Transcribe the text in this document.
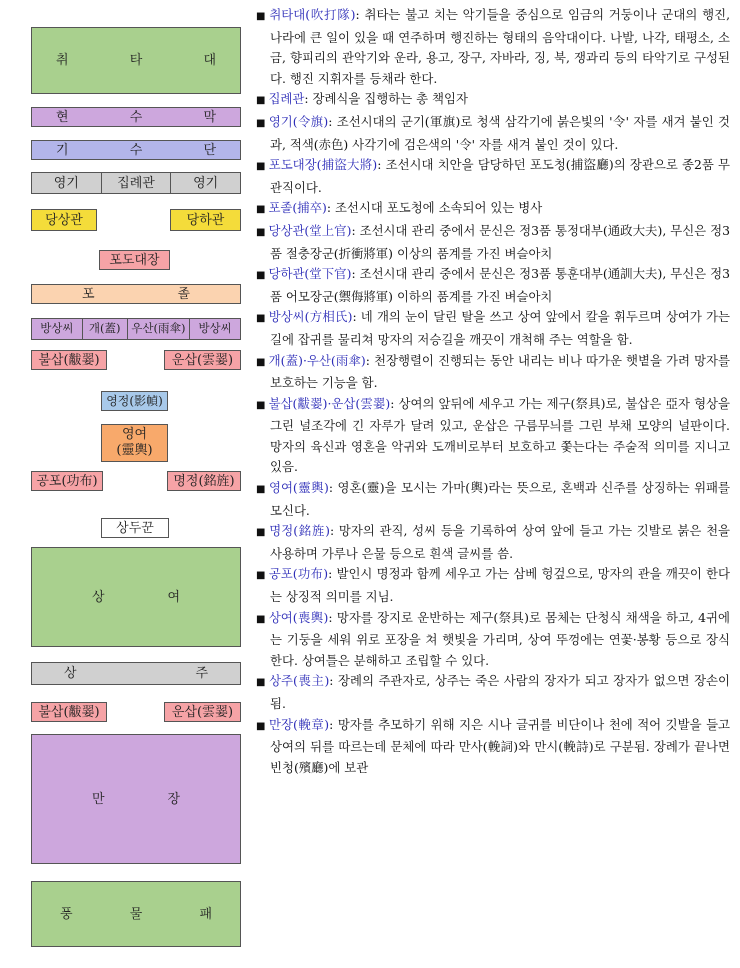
취	타	대
현	수	막
기	수	단
영기	집례관	영기
당상관	당하관
포도대장
포	졸
방상씨	개(蓋) 우산(雨傘)	방상씨
불삽(黻翣)	운삽(雲翣)
영정(影幀)
영여
(靈輿)
공포(功布)	명정(銘旌)
상두꾼
상	여
상	주
불삽(黻翣)	운삽(雲翣)
만	장
풍	물	패

■ 취타대(吹打隊): 취타는 불고 치는 악기들을 중심으로 임금의 거둥이나 군대의 행진, 나라에 큰 일이 있을 때 연주하며 행진하는 형태의 음악대이다. 나발, 나각, 태평소, 소금, 향피리의 관악기와 운라, 용고, 장구, 자바라, 징, 북, 쟁과리 등의 타악기로 구성된다. 행진 지휘자를 등채라 한다.

■ 집례관: 장례식을 집행하는 총 책임자

■ 영기(令旗): 조선시대의 군기(軍旗)로 청색 삼각기에 붉은빛의 '令' 자를 새겨 붙인 것과, 적색(赤色) 사각기에 검은색의 '令' 자를 새겨 붙인 것이 있다.

■ 포도대장(捕盜大將): 조선시대 치안을 담당하던 포도청(捕盜廳)의 장관으로 종2품 무관직이다.

■ 포졸(捕卒): 조선시대 포도청에 소속되어 있는 병사

■ 당상관(堂上官): 조선시대 관리 중에서 문신은 정3품 통정대부(通政大夫), 무신은 정3품 절충장군(折衝將軍) 이상의 품계를 가진 벼슬아치

■ 당하관(堂下官): 조선시대 관리 중에서 문신은 정3품 통훈대부(通訓大夫), 무신은 정3품 어모장군(禦侮將軍) 이하의 품계를 가진 벼슬아치

■ 방상씨(方相氏): 네 개의 눈이 달린 탈을 쓰고 상여 앞에서 칼을 휘두르며 상여가 가는 길에 잡귀를 물리쳐 망자의 저승길을 깨끗이 개척해 주는 역할을 함.

■ 개(蓋)·우산(雨傘): 천장행렬이 진행되는 동안 내리는 비나 따가운 햇볕을 가려 망자를 보호하는 기능을 함.

■ 불삽(黻翣)·운삽(雲翣): 상여의 앞뒤에 세우고 가는 제구(祭具)로, 불삽은 亞자 형상을 그린 널조각에 긴 자루가 달려 있고, 운삽은 구름무늬를 그린 부채 모양의 널판이다. 망자의 육신과 영혼을 악귀와 도깨비로부터 보호하고 쫓는다는 주술적 의미를 지니고 있음.

■ 영여(靈輿): 영혼(靈)을 모시는 가마(輿)라는 뜻으로, 혼백과 신주를 상징하는 위패를 모신다.

■ 명정(銘旌): 망자의 관직, 성씨 등을 기록하여 상여 앞에 들고 가는 깃발로 붉은 천을 사용하며 가루나 은물 등으로 흰색 글씨를 씀.

■ 공포(功布): 발인시 명정과 함께 세우고 가는 삼베 헝겊으로, 망자의 관을 깨끗이 한다는 상징적 의미를 지님.

■ 상여(喪輿): 망자를 장지로 운반하는 제구(祭具)로 몸체는 단청식 채색을 하고, 4귀에는 기둥을 세워 위로 포장을 쳐 햇빛을 가리며, 상여 뚜껑에는 연꽃·봉황 등으로 장식한다. 상여틀은 분해하고 조립할 수 있다.

■ 상주(喪主): 장례의 주관자로, 상주는 죽은 사람의 장자가 되고 장자가 없으면 장손이 됨.

■ 만장(輓章): 망자를 추모하기 위해 지은 시나 글귀를 비단이나 천에 적어 깃발을 들고 상여의 뒤를 따르는데 문체에 따라 만사(輓詞)와 만시(輓詩)로 구분됨. 장례가 끝나면 빈청(殯廳)에 보관
